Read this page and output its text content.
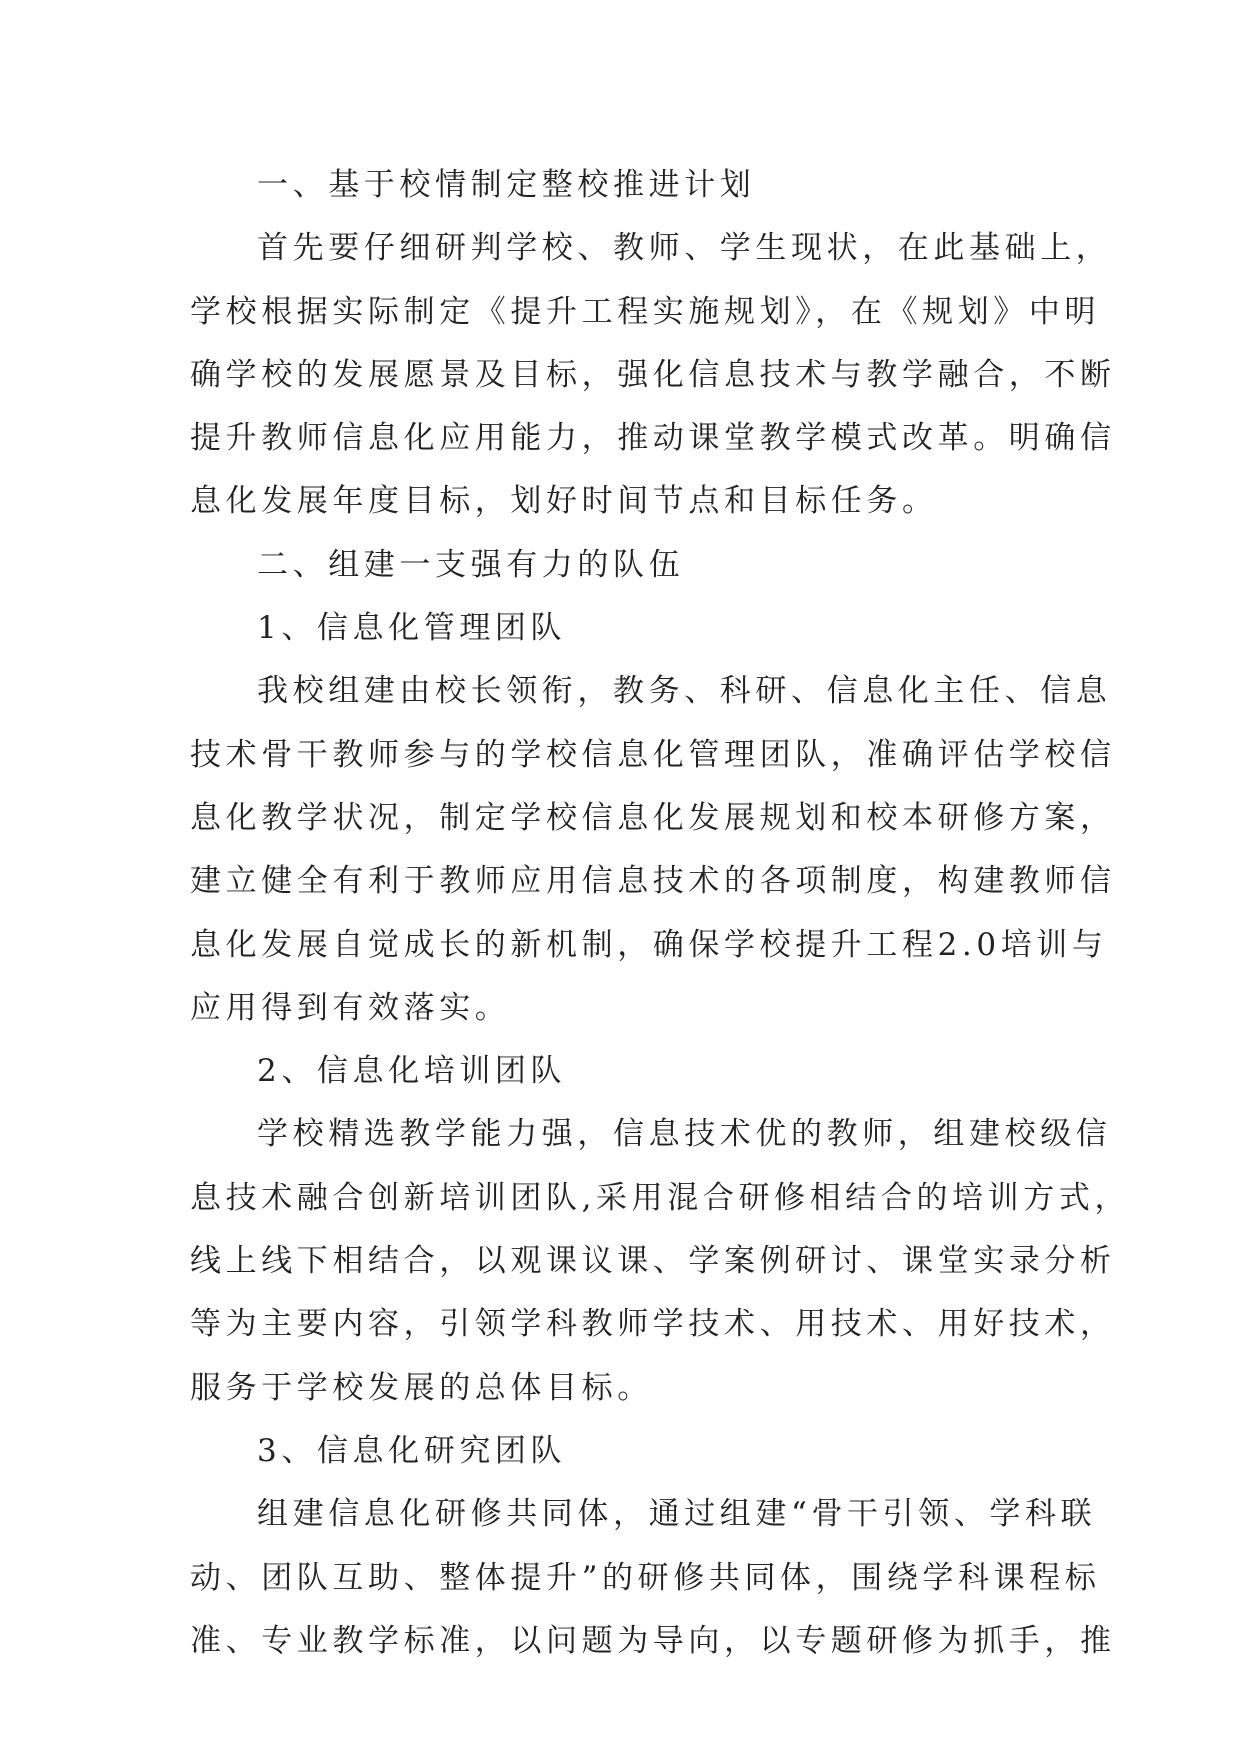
一、基于校情制定整校推进计划
首先要仔细研判学校、教师、学生现状，在此基础上，
学校根据实际制定《提升工程实施规划》，在《规划》中明
确学校的发展愿景及目标，强化信息技术与教学融合，不断
提升教师信息化应用能力，推动课堂教学模式改革。明确信
息化发展年度目标，划好时间节点和目标任务。
二、组建一支强有力的队伍
1、信息化管理团队
我校组建由校长领衔，教务、科研、信息化主任、信息
技术骨干教师参与的学校信息化管理团队，准确评估学校信
息化教学状况，制定学校信息化发展规划和校本研修方案，
建立健全有利于教师应用信息技术的各项制度，构建教师信
息化发展自觉成长的新机制，确保学校提升工程2.0培训与
应用得到有效落实。
2、信息化培训团队
学校精选教学能力强，信息技术优的教师，组建校级信
息技术融合创新培训团队,采用混合研修相结合的培训方式，
线上线下相结合，以观课议课、学案例研讨、课堂实录分析
等为主要内容，引领学科教师学技术、用技术、用好技术，
服务于学校发展的总体目标。
3、信息化研究团队
组建信息化研修共同体，通过组建“骨干引领、学科联
动、团队互助、整体提升”的研修共同体，围绕学科课程标
准、专业教学标准，以问题为导向，以专题研修为抓手，推
